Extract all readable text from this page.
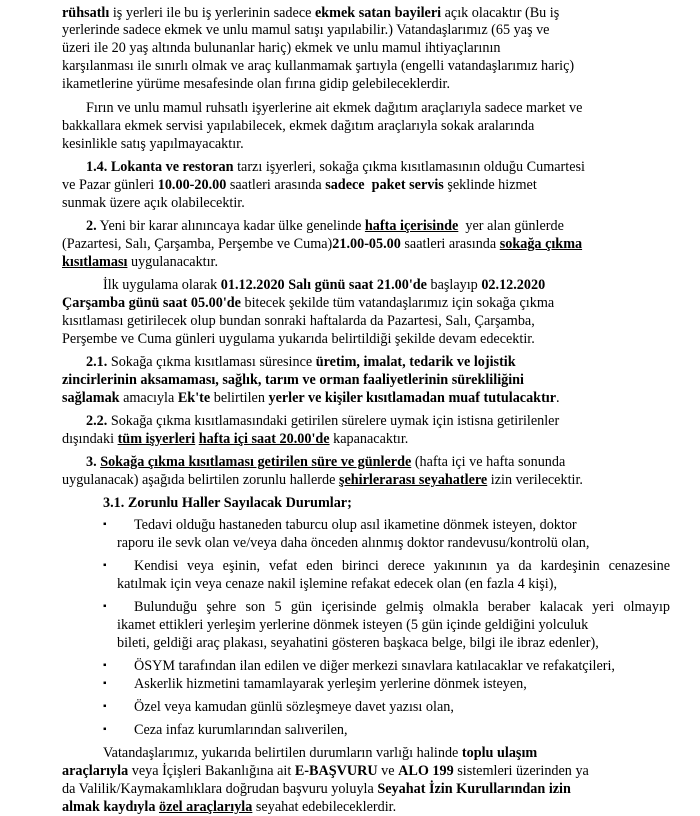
rühsatlı iş yerleri ile bu iş yerlerinin sadece ekmek satan bayileri açık olacaktır (Bu iş
yerlerinde sadece ekmek ve unlu mamul satışı yapılabilir.) Vatandaşlarımız (65 yaş ve
üzeri ile 20 yaş altında bulunanlar hariç) ekmek ve unlu mamul ihtiyaçlarının
karşılanması ile sınırlı olmak ve araç kullanmamak şartıyla (engelli vatandaşlarımız hariç)
ikametlerine yürüme mesafesinde olan fırına gidip gelebileceklerdir.
Fırın ve unlu mamul ruhsatlı işyerlerine ait ekmek dağıtım araçlarıyla sadece market ve
bakkallara ekmek servisi yapılabilecek, ekmek dağıtım araçlarıyla sokak aralarında
kesinlikle satış yapılmayacaktır.
1.4. Lokanta ve restoran tarzı işyerleri, sokağa çıkma kısıtlamasının olduğu Cumartesi
ve Pazar günleri 10.00-20.00 saatleri arasında sadece  paket servis şeklinde hizmet
sunmak üzere açık olabilecektir.
2. Yeni bir karar alınıncaya kadar ülke genelinde hafta içerisinde  yer alan günlerde
(Pazartesi, Salı, Çarşamba, Perşembe ve Cuma)21.00-05.00 saatleri arasında sokağa çıkma
kısıtlaması uygulanacaktır.
İlk uygulama olarak 01.12.2020 Salı günü saat 21.00'de başlayıp 02.12.2020
Çarşamba günü saat 05.00'de bitecek şekilde tüm vatandaşlarımız için sokağa çıkma
kısıtlaması getirilecek olup bundan sonraki haftalarda da Pazartesi, Salı, Çarşamba,
Perşembe ve Cuma günleri uygulama yukarıda belirtildiği şekilde devam edecektir.
2.1. Sokağa çıkma kısıtlaması süresince üretim, imalat, tedarik ve lojistik
zincirlerinin aksamaması, sağlık, tarım ve orman faaliyetlerinin sürekliliğini
sağlamak amacıyla Ek'te belirtilen yerler ve kişiler kısıtlamadan muaf tutulacaktır.
2.2. Sokağa çıkma kısıtlamasındaki getirilen sürelere uymak için istisna getirilenler
dışındaki tüm işyerleri hafta içi saat 20.00'de kapanacaktır.
3. Sokağa çıkma kısıtlaması getirilen süre ve günlerde (hafta içi ve hafta sonunda
uygulanacak) aşağıda belirtilen zorunlu hallerde şehirlerarası seyahatlere izin verilecektir.
3.1. Zorunlu Haller Sayılacak Durumlar;
▪ Tedavi olduğu hastaneden taburcu olup asıl ikametine dönmek isteyen, doktor
raporu ile sevk olan ve/veya daha önceden alınmış doktor randevusu/kontrolü olan,
▪ Kendisi veya eşinin, vefat eden birinci derece yakınının ya da kardeşinin cenazesine
katılmak için veya cenaze nakil işlemine refakat edecek olan (en fazla 4 kişi),
▪ Bulunduğu şehre son 5 gün içerisinde gelmiş olmakla beraber kalacak yeri olmayıp
ikamet ettikleri yerleşim yerlerine dönmek isteyen (5 gün içinde geldiğini yolculuk
bileti, geldiği araç plakası, seyahatini gösteren başkaca belge, bilgi ile ibraz edenler),
▪ ÖSYM tarafından ilan edilen ve diğer merkezi sınavlara katılacaklar ve refakatçileri,
▪ Askerlik hizmetini tamamlayarak yerleşim yerlerine dönmek isteyen,
▪ Özel veya kamudan günlü sözleşmeye davet yazısı olan,
▪ Ceza infaz kurumlarından salıverilen,
Vatandaşlarımız, yukarıda belirtilen durumların varlığı halinde toplu ulaşım
araçlarıyla veya İçişleri Bakanlığına ait E-BAŞVURU ve ALO 199 sistemleri üzerinden ya
da Valilik/Kaymakamlıklara doğrudan başvuru yoluyla Seyahat İzin Kurullarından izin
almak kaydıyla özel araçlarıyla seyahat edebileceklerdir.
